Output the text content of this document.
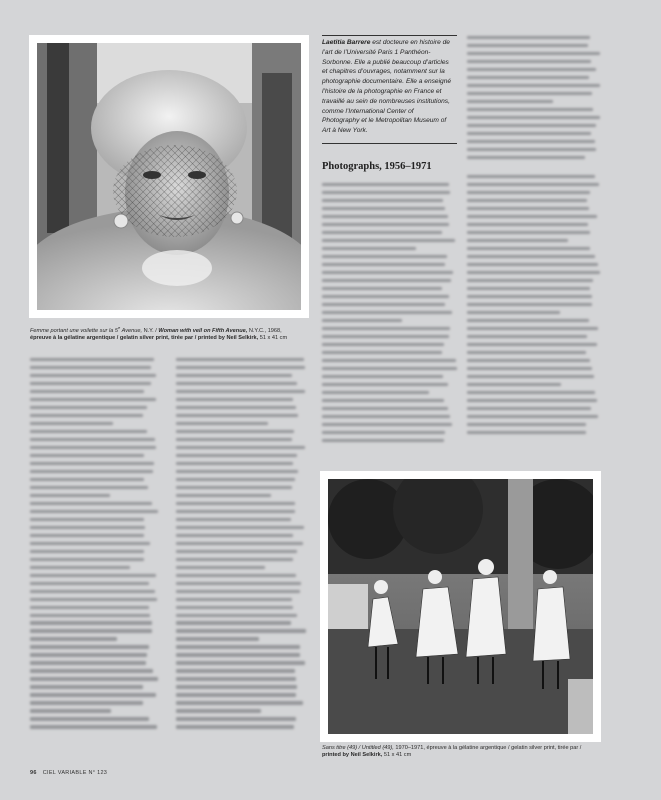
Femme portant une voilette sur la 5e Avenue, N.Y. / Woman with veil on Fifth Avenue, N.Y.C., 1968,
épreuve à la gélatine argentique / gelatin silver print, tirée par / printed by Neil Selkirk, 51 x 41 cm
Laetitia Barrere est docteure en histoire de l’art de l’Université Paris 1 Panthéon-Sorbonne. Elle a publié beaucoup d’articles et chapitres d’ouvrages, notamment sur la photographie documentaire. Elle a enseigné l’histoire de la photographie en France et travaillé au sein de nombreuses institutions, comme l’International Center of Photography et le Metropolitan Museum of Art à New York.
Photographs, 1956–1971
Sans titre (49) / Untitled (49), 1970–1971, épreuve à la gélatine argentique / gelatin silver print, tirée par /
printed by Neil Selkirk, 51 x 41 cm
96 CIEL VARIABLE N° 123
